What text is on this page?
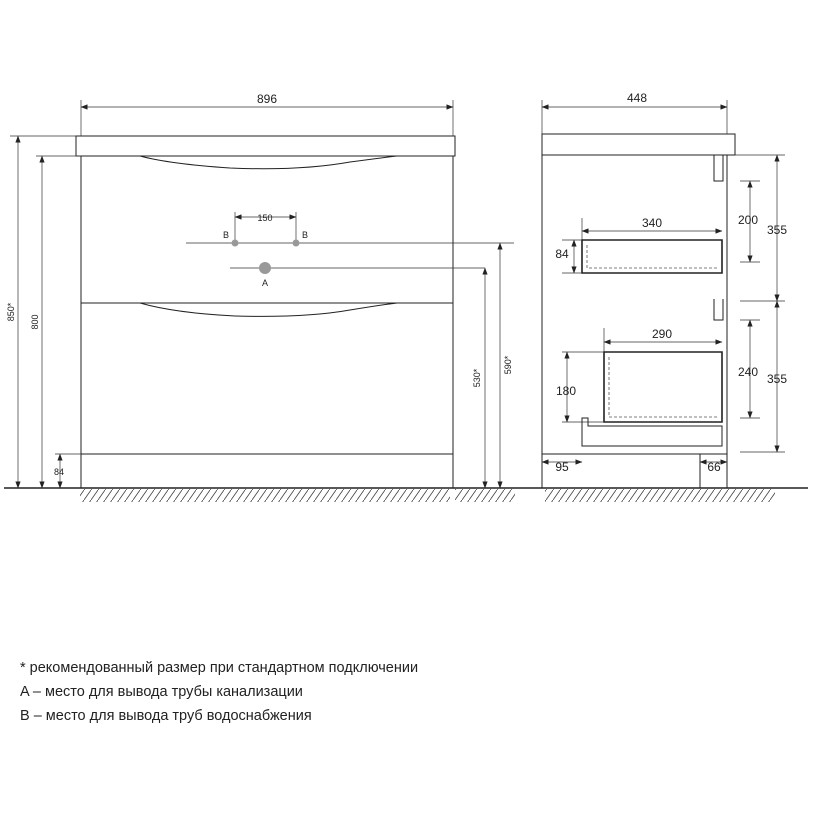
896
150
B	B
A
850*
800
84
530*
590*
448
340
84
290
180
200
355
240 355
95	66
* рекомендованный размер при стандартном подключении
A – место для вывода трубы канализации
B – место для вывода труб водоснабжения
